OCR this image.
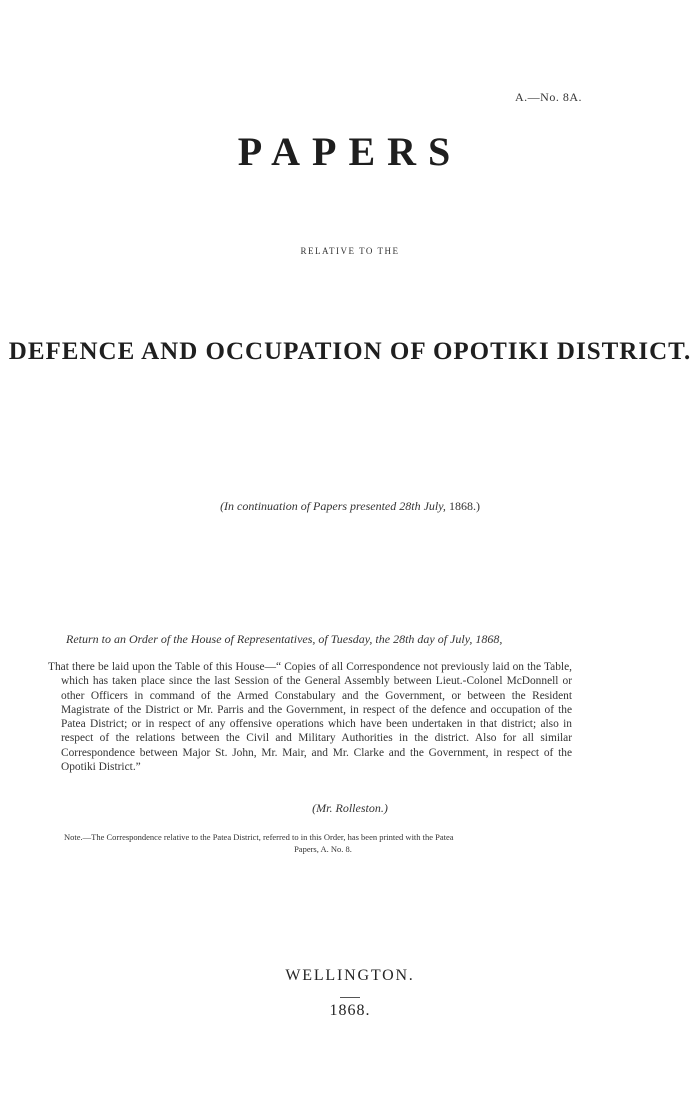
A.—No. 8A.
PAPERS
RELATIVE TO THE
DEFENCE AND OCCUPATION OF OPOTIKI DISTRICT.
(In continuation of Papers presented 28th July, 1868.)
Return to an Order of the House of Representatives, of Tuesday, the 28th day of July, 1868,

That there be laid upon the Table of this House—“ Copies of all Correspondence not previously laid on the Table, which has taken place since the last Session of the General Assembly between Lieut.-Colonel McDonnell or other Officers in command of the Armed Constabulary and the Government, or between the Resident Magistrate of the District or Mr. Parris and the Government, in respect of the defence and occupation of the Patea District; or in respect of any offensive operations which have been undertaken in that district; also in respect of the relations between the Civil and Military Authorities in the district. Also for all similar Correspondence between Major St. John, Mr. Mair, and Mr. Clarke and the Government, in respect of the Opotiki District.”

(Mr. Rolleston.)

Note.—The Correspondence relative to the Patea District, referred to in this Order, has been printed with the Patea

Papers, A. No. 8.

WELLINGTON.
1868.
